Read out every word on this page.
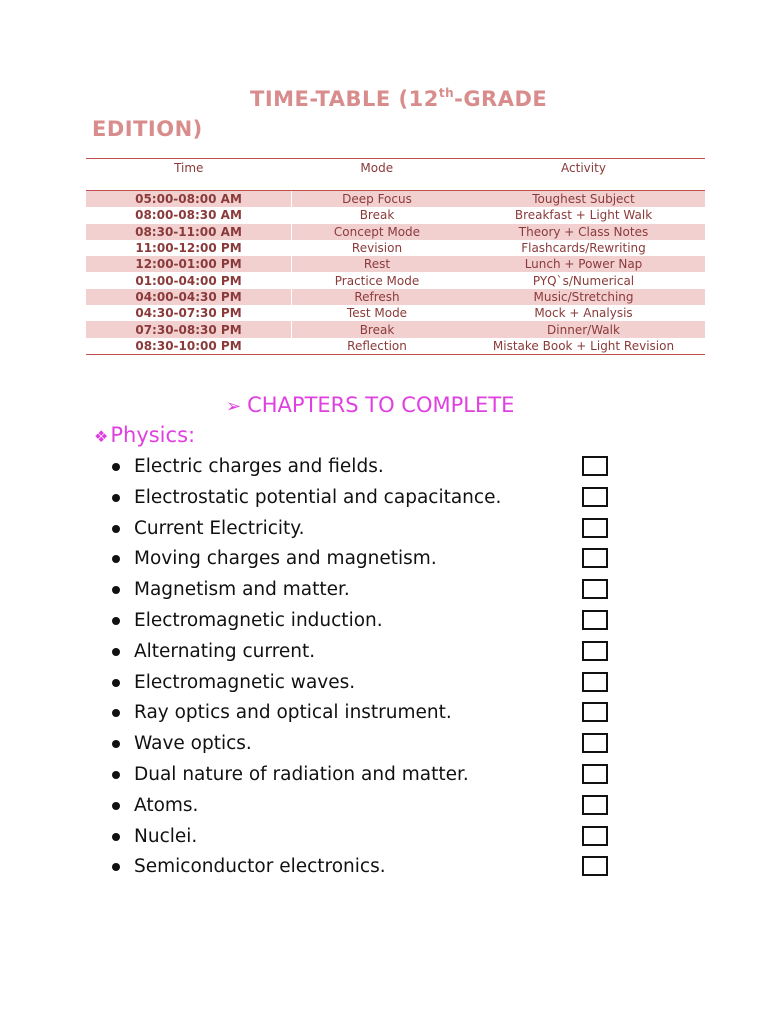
TIME-TABLE (12th-GRADE
EDITION)
Time	Mode	Activity
05:00-08:00 AM	Deep Focus	Toughest Subject
08:00-08:30 AM	Break	Breakfast + Light Walk
08:30-11:00 AM	Concept Mode	Theory + Class Notes
11:00-12:00 PM	Revision	Flashcards/Rewriting
12:00-01:00 PM	Rest	Lunch + Power Nap
01:00-04:00 PM	Practice Mode	PYQ`s/Numerical
04:00-04:30 PM	Refresh	Music/Stretching
04:30-07:30 PM	Test Mode	Mock + Analysis
07:30-08:30 PM	Break	Dinner/Walk
08:30-10:00 PM	Reflection	Mistake Book + Light Revision
➢ CHAPTERS TO COMPLETE
❖Physics:
Electric charges and fields.
Electrostatic potential and capacitance.
Current Electricity.
Moving charges and magnetism.
Magnetism and matter.
Electromagnetic induction.
Alternating current.
Electromagnetic waves.
Ray optics and optical instrument.
Wave optics.
Dual nature of radiation and matter.
Atoms.
Nuclei.
Semiconductor electronics.
